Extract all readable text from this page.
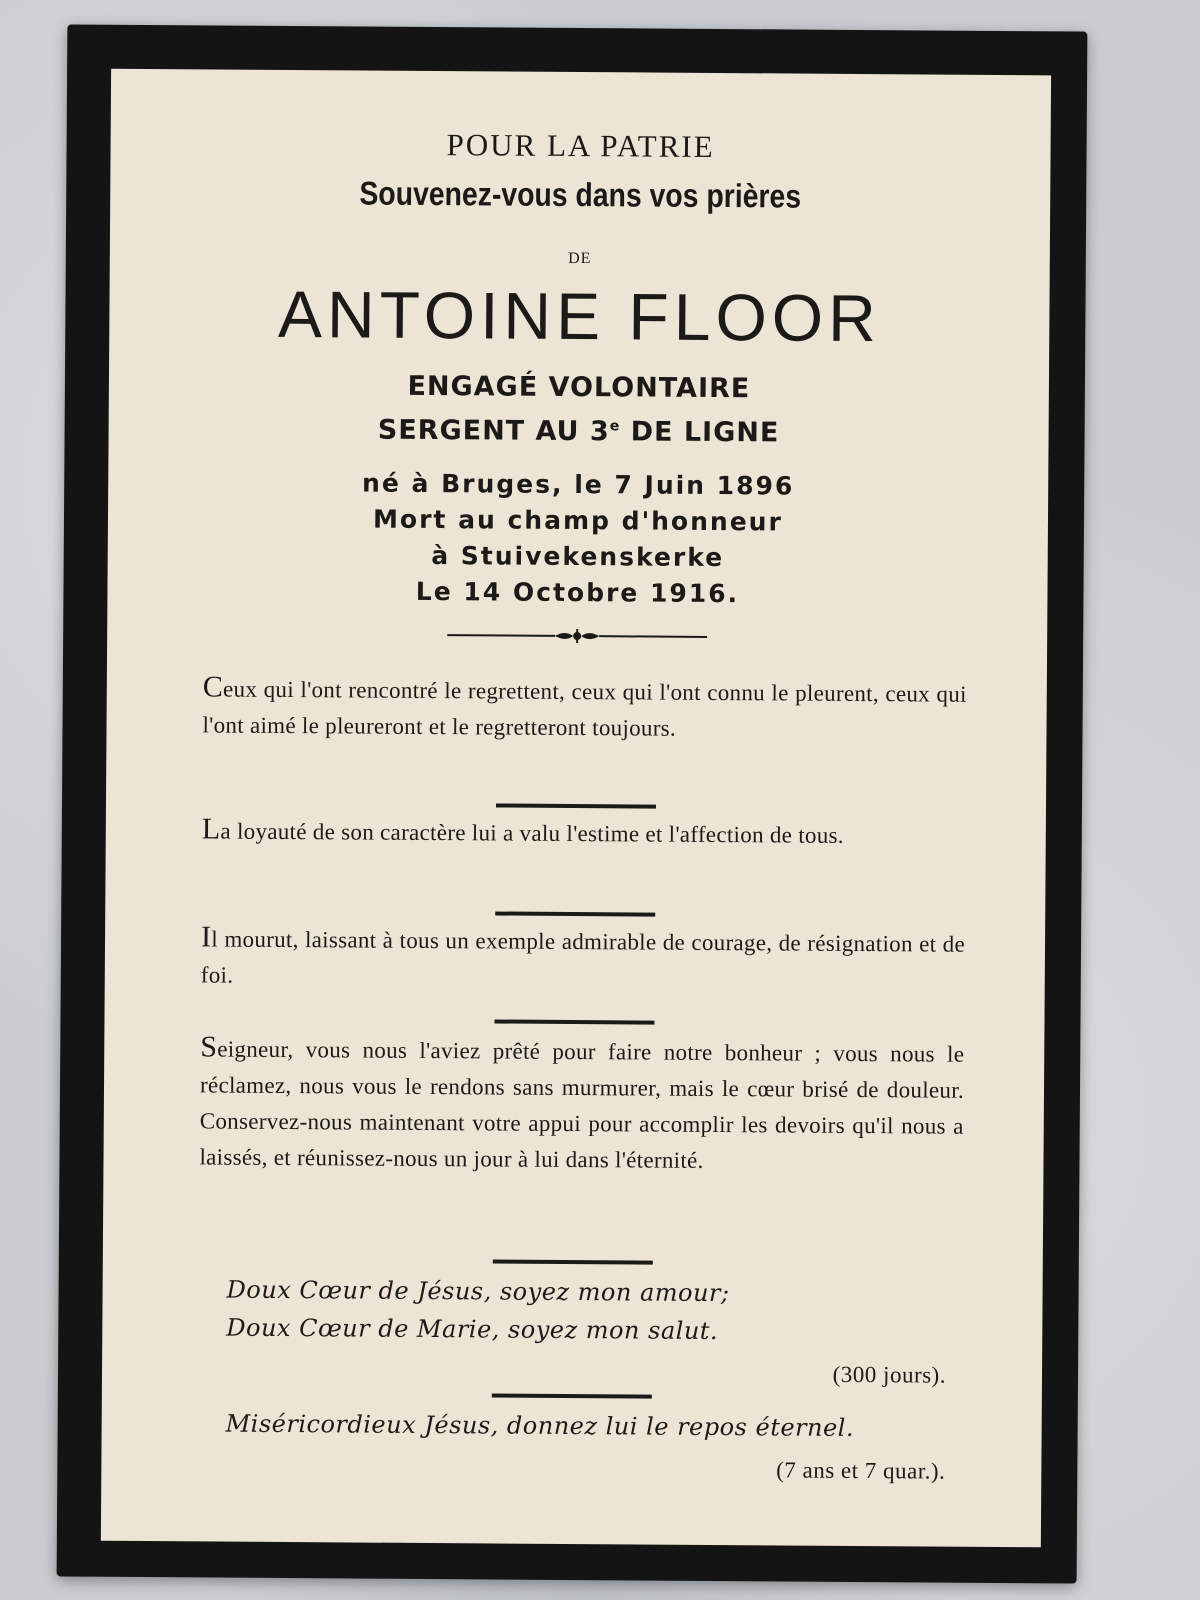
POUR LA PATRIE
Souvenez-vous dans vos prières
DE
ANTOINE FLOOR
ENGAGÉ VOLONTAIRE
SERGENT AU 3e DE LIGNE
né à Bruges, le 7 Juin 1896
Mort au champ d'honneur
à Stuivekenskerke
Le 14 Octobre 1916.
Ceux qui l'ont rencontré le regrettent, ceux qui l'ont connu le pleurent, ceux qui l'ont aimé le pleureront et le regretteront toujours.
La loyauté de son caractère lui a valu l'estime et l'affection de tous.
Il mourut, laissant à tous un exemple admirable de courage, de résignation et de foi.
Seigneur, vous nous l'aviez prêté pour faire notre bonheur ; vous nous le réclamez, nous vous le rendons sans murmurer, mais le cœur brisé de douleur. Conservez-nous maintenant votre appui pour accomplir les devoirs qu'il nous a laissés, et réunissez-nous un jour à lui dans l'éternité.
Doux Cœur de Jésus, soyez mon amour;
Doux Cœur de Marie, soyez mon salut.
(300 jours).
Miséricordieux Jésus, donnez lui le repos éternel.
(7 ans et 7 quar.).
